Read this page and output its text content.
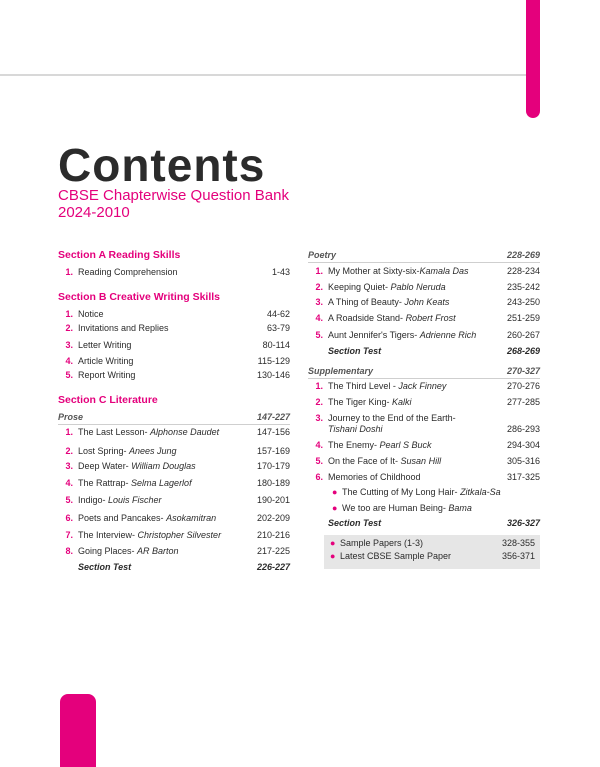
Contents
CBSE Chapterwise Question Bank
2024-2010
Section A Reading Skills
1. Reading Comprehension	1-43
Section B Creative Writing Skills
1. Notice	44-62
2. Invitations and Replies	63-79
3. Letter Writing	80-114
4. Article Writing	115-129
5. Report Writing	130-146
Section C Literature
Prose	147-227
1. The Last Lesson- Alphonse Daudet	147-156
2. Lost Spring- Anees Jung	157-169
3. Deep Water- William Douglas	170-179
4. The Rattrap- Selma Lagerlof	180-189
5. Indigo- Louis Fischer	190-201
6. Poets and Pancakes- Asokamitran	202-209
7. The Interview- Christopher Silvester	210-216
8. Going Places- AR Barton	217-225
Section Test	226-227
Poetry	228-269
1. My Mother at Sixty-six-Kamala Das	228-234
2. Keeping Quiet- Pablo Neruda	235-242
3. A Thing of Beauty- John Keats	243-250
4. A Roadside Stand- Robert Frost	251-259
5. Aunt Jennifer's Tigers- Adrienne Rich	260-267
Section Test	268-269
Supplementary	270-327
1. The Third Level - Jack Finney	270-276
2. The Tiger King- Kalki	277-285
3. Journey to the End of the Earth-
Tishani Doshi	286-293
4. The Enemy- Pearl S Buck	294-304
5. On the Face of It- Susan Hill	305-316
6. Memories of Childhood	317-325
● The Cutting of My Long Hair- Zitkala-Sa
● We too are Human Being- Bama
Section Test	326-327
● Sample Papers (1-3)	328-355
● Latest CBSE Sample Paper	356-371
